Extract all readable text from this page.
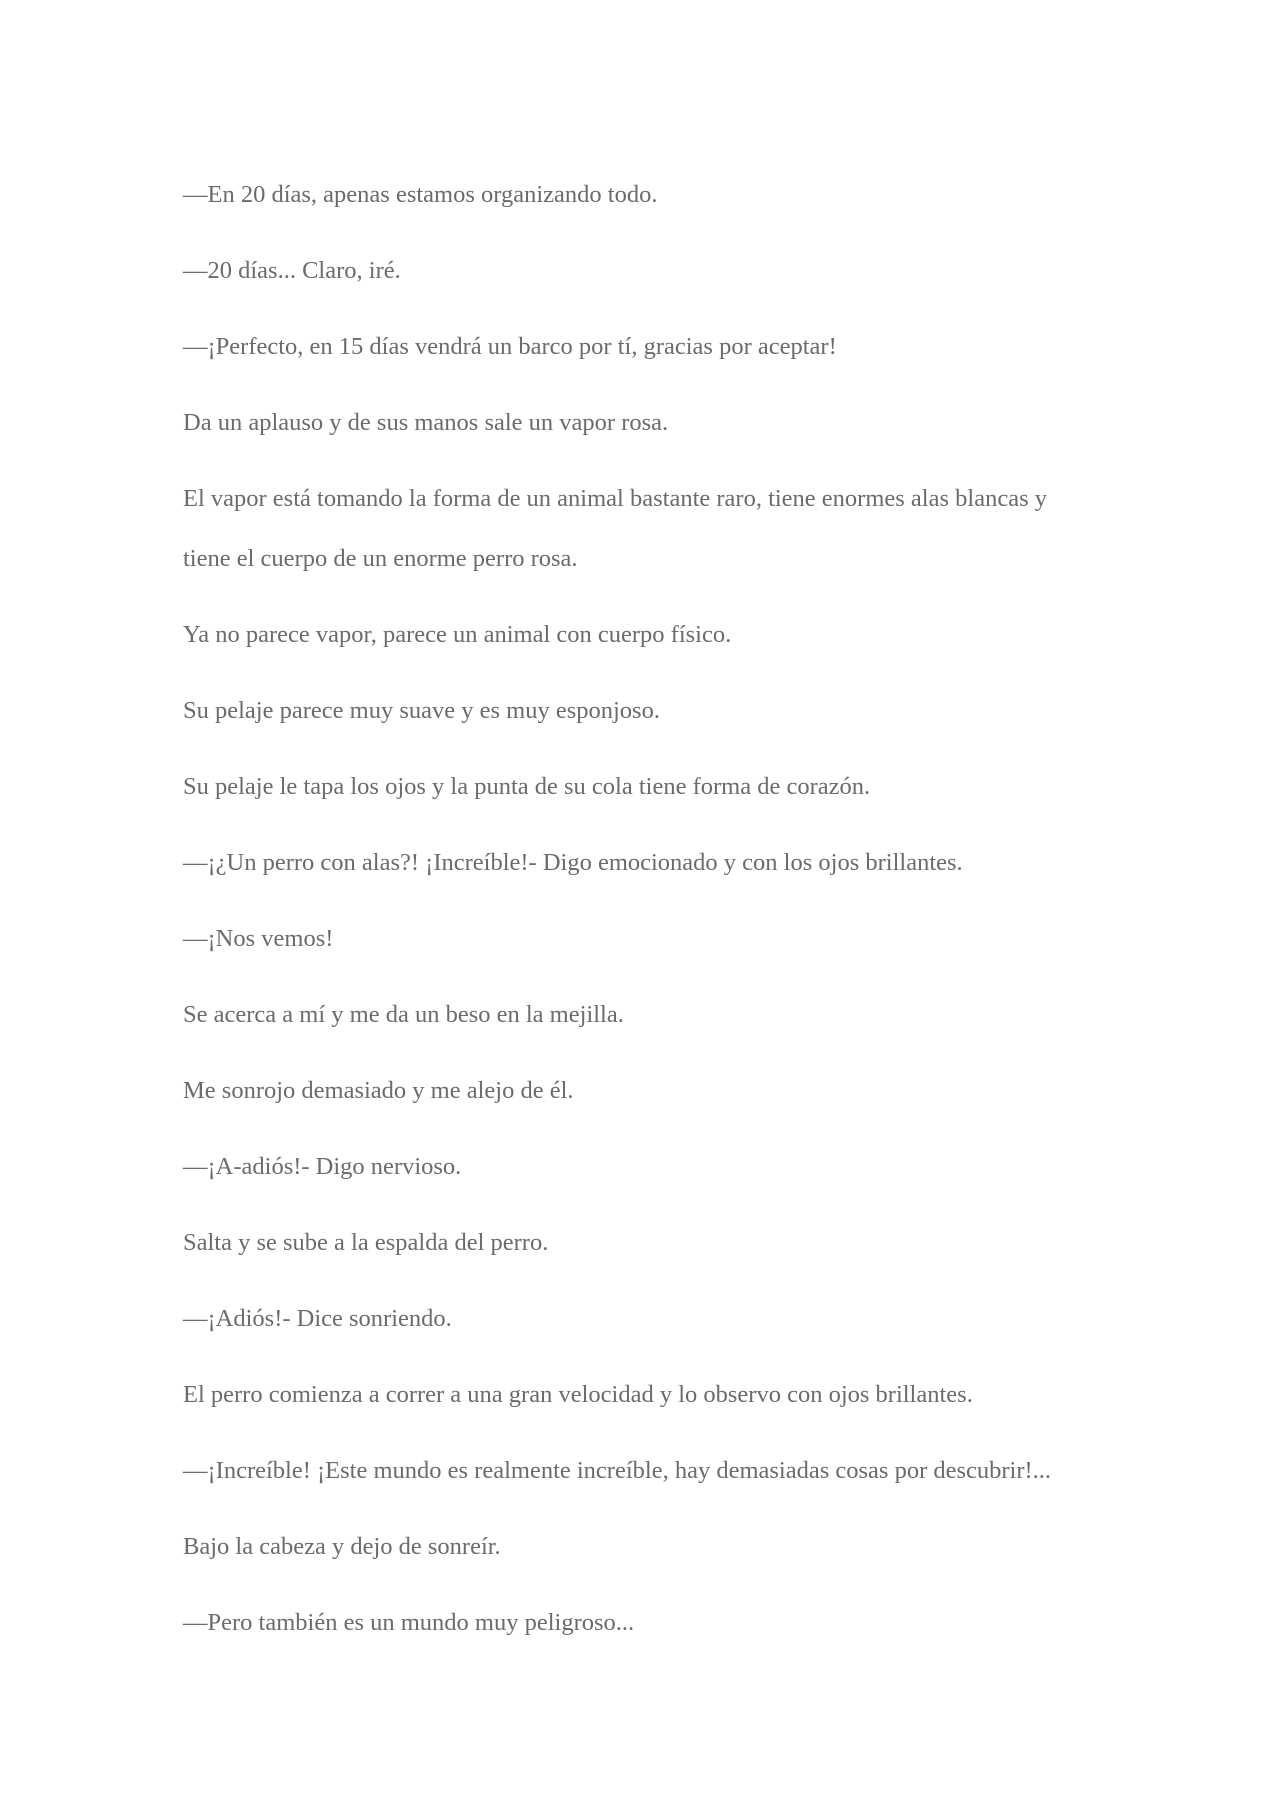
—En 20 días, apenas estamos organizando todo.

—20 días... Claro, iré.

—¡Perfecto, en 15 días vendrá un barco por tí, gracias por aceptar!

Da un aplauso y de sus manos sale un vapor rosa.

El vapor está tomando la forma de un animal bastante raro, tiene enormes alas blancas y
tiene el cuerpo de un enorme perro rosa.

Ya no parece vapor, parece un animal con cuerpo físico.

Su pelaje parece muy suave y es muy esponjoso.

Su pelaje le tapa los ojos y la punta de su cola tiene forma de corazón.

—¡¿Un perro con alas?! ¡Increíble!- Digo emocionado y con los ojos brillantes.

—¡Nos vemos!

Se acerca a mí y me da un beso en la mejilla.

Me sonrojo demasiado y me alejo de él.

—¡A-adiós!- Digo nervioso.

Salta y se sube a la espalda del perro.

—¡Adiós!- Dice sonriendo.

El perro comienza a correr a una gran velocidad y lo observo con ojos brillantes.

—¡Increíble! ¡Este mundo es realmente increíble, hay demasiadas cosas por descubrir!...

Bajo la cabeza y dejo de sonreír.

—Pero también es un mundo muy peligroso...
